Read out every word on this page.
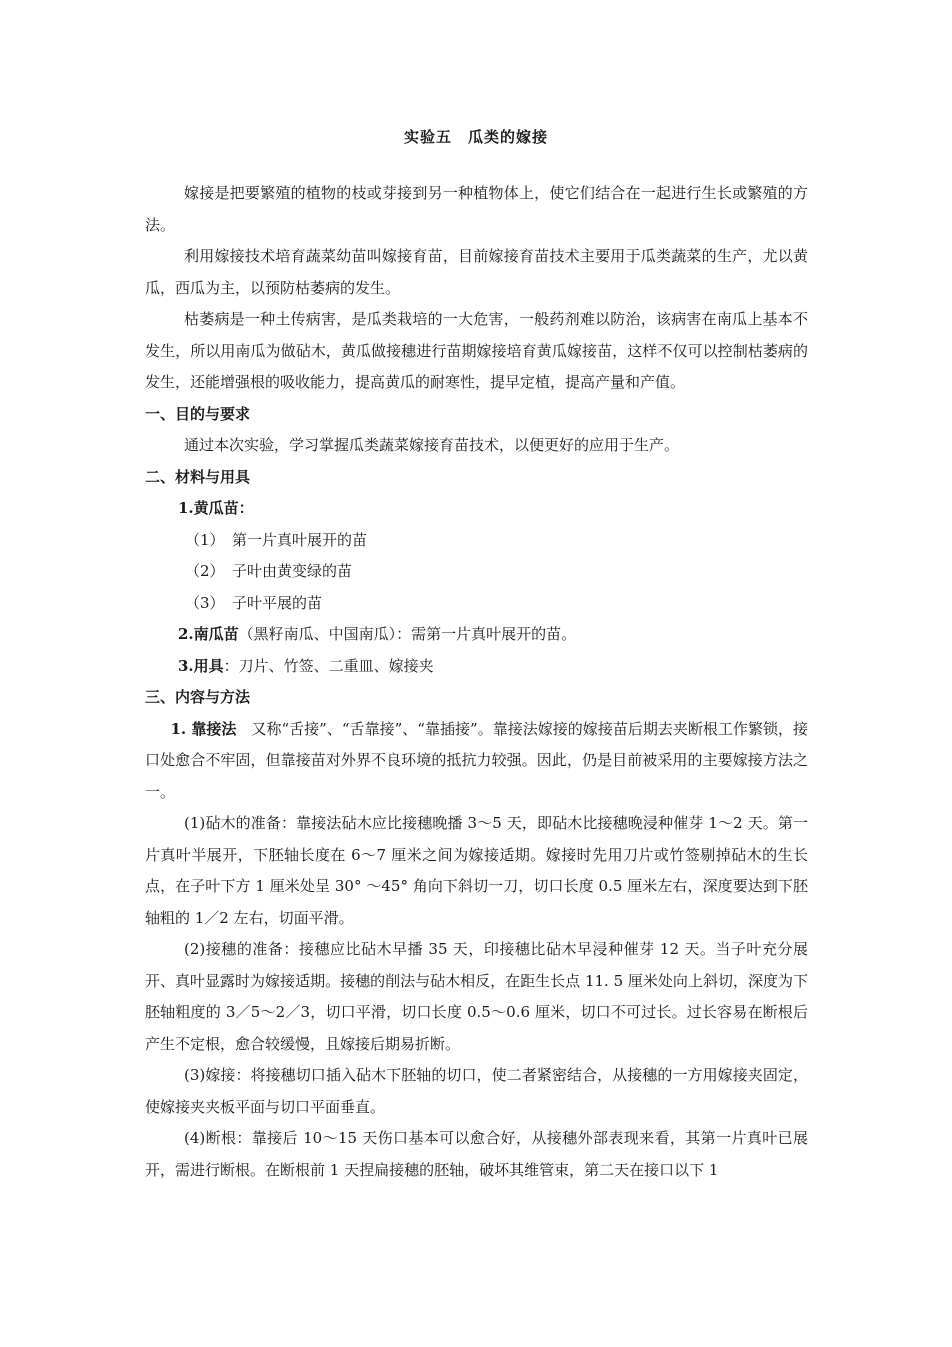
实验五　瓜类的嫁接

嫁接是把要繁殖的植物的枝或芽接到另一种植物体上，使它们结合在一起进行生长或繁殖的方法。

利用嫁接技术培育蔬菜幼苗叫嫁接育苗，目前嫁接育苗技术主要用于瓜类蔬菜的生产，尤以黄瓜，西瓜为主，以预防枯萎病的发生。

枯萎病是一种土传病害，是瓜类栽培的一大危害，一般药剂难以防治，该病害在南瓜上基本不发生，所以用南瓜为做砧木，黄瓜做接穗进行苗期嫁接培育黄瓜嫁接苗，这样不仅可以控制枯萎病的发生，还能增强根的吸收能力，提高黄瓜的耐寒性，提早定植，提高产量和产值。

一、目的与要求

通过本次实验，学习掌握瓜类蔬菜嫁接育苗技术，以便更好的应用于生产。

二、材料与用具

1.黄瓜苗：

（1）　第一片真叶展开的苗

（2）　子叶由黄变绿的苗

（3）　子叶平展的苗

2.南瓜苗（黑籽南瓜、中国南瓜）：需第一片真叶展开的苗。

3.用具：刀片、竹签、二重皿、嫁接夹

三、内容与方法

1. 靠接法　又称“舌接”、“舌靠接”、“靠插接”。靠接法嫁接的嫁接苗后期去夹断根工作繁锁，接口处愈合不牢固，但靠接苗对外界不良环境的抵抗力较强。因此，仍是目前被采用的主要嫁接方法之一。

(1)砧木的准备：靠接法砧木应比接穗晚播 3～5 天，即砧木比接穗晚浸种催芽 1～2 天。第一片真叶半展开，下胚轴长度在 6～7 厘米之间为嫁接适期。嫁接时先用刀片或竹签剔掉砧木的生长点，在子叶下方 1 厘米处呈 30° ～45° 角向下斜切一刀，切口长度 0.5 厘米左右，深度要达到下胚轴粗的 1／2 左右，切面平滑。

(2)接穗的准备：接穗应比砧木早播 35 天，印接穗比砧木早浸种催芽 12 天。当子叶充分展开、真叶显露时为嫁接适期。接穗的削法与砧木相反，在距生长点 11. 5 厘米处向上斜切，深度为下胚轴粗度的 3／5～2／3，切口平滑，切口长度 0.5～0.6 厘米，切口不可过长。过长容易在断根后产生不定根，愈合较缓慢，且嫁接后期易折断。

(3)嫁接：将接穗切口插入砧木下胚轴的切口，使二者紧密结合，从接穗的一方用嫁接夹固定，使嫁接夹夹板平面与切口平面垂直。

(4)断根：靠接后 10～15 天伤口基本可以愈合好，从接穗外部表现来看，其第一片真叶已展开，需进行断根。在断根前 1 天捏扁接穗的胚轴，破坏其维管束，第二天在接口以下 1
